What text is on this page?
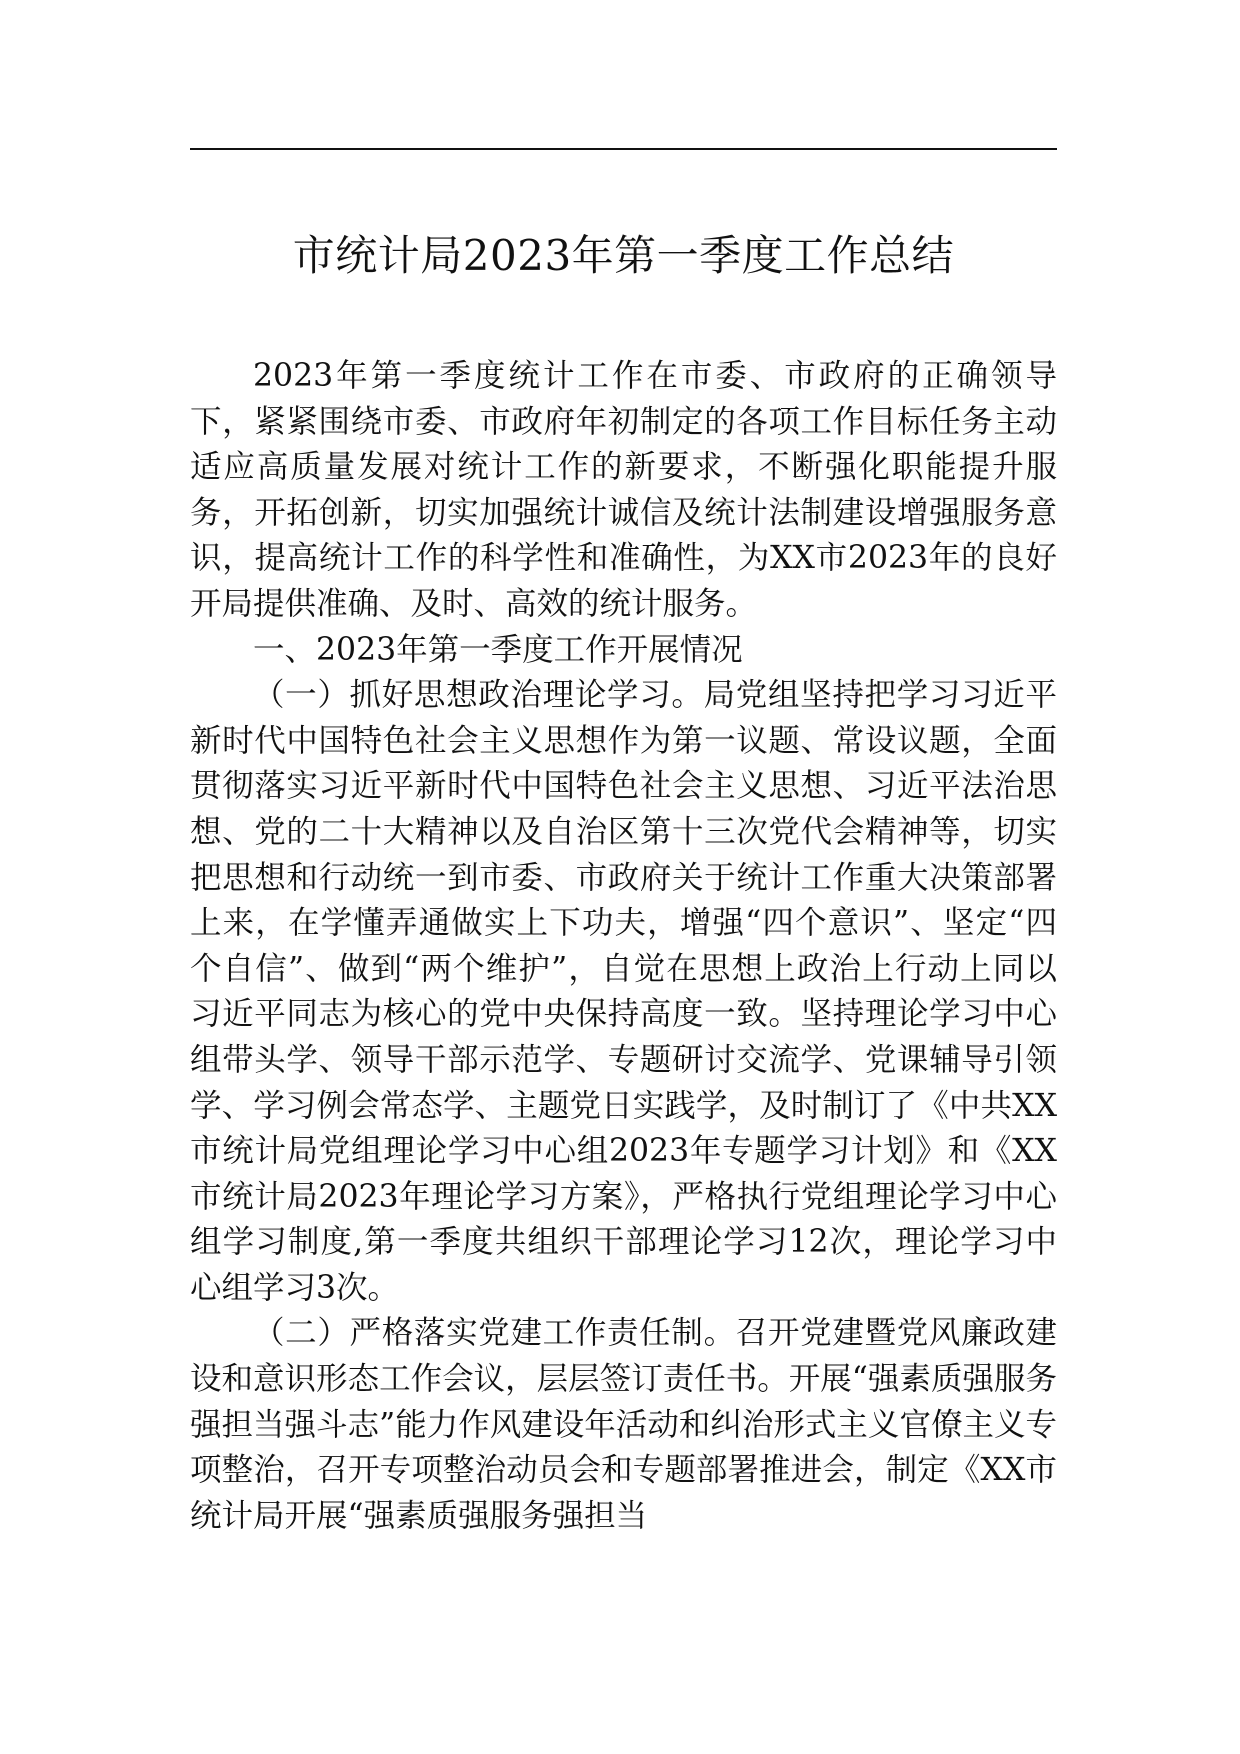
市统计局2023年第一季度工作总结

2023年第一季度统计工作在市委、市政府的正确领导下，紧紧围绕市委、市政府年初制定的各项工作目标任务主动适应高质量发展对统计工作的新要求，不断强化职能提升服务，开拓创新，切实加强统计诚信及统计法制建设增强服务意识，提高统计工作的科学性和准确性，为XX市2023年的良好开局提供准确、及时、高效的统计服务。

一、2023年第一季度工作开展情况

（一）抓好思想政治理论学习。局党组坚持把学习习近平新时代中国特色社会主义思想作为第一议题、常设议题，全面贯彻落实习近平新时代中国特色社会主义思想、习近平法治思想、党的二十大精神以及自治区第十三次党代会精神等，切实把思想和行动统一到市委、市政府关于统计工作重大决策部署上来，在学懂弄通做实上下功夫，增强“四个意识”、坚定“四个自信”、做到“两个维护”，自觉在思想上政治上行动上同以习近平同志为核心的党中央保持高度一致。坚持理论学习中心组带头学、领导干部示范学、专题研讨交流学、党课辅导引领学、学习例会常态学、主题党日实践学，及时制订了《中共XX市统计局党组理论学习中心组2023年专题学习计划》和《XX市统计局2023年理论学习方案》，严格执行党组理论学习中心组学习制度,第一季度共组织干部理论学习12次，理论学习中心组学习3次。

（二）严格落实党建工作责任制。召开党建暨党风廉政建设和意识形态工作会议，层层签订责任书。开展“强素质强服务强担当强斗志”能力作风建设年活动和纠治形式主义官僚主义专项整治，召开专项整治动员会和专题部署推进会，制定《XX市统计局开展“强素质强服务强担当
